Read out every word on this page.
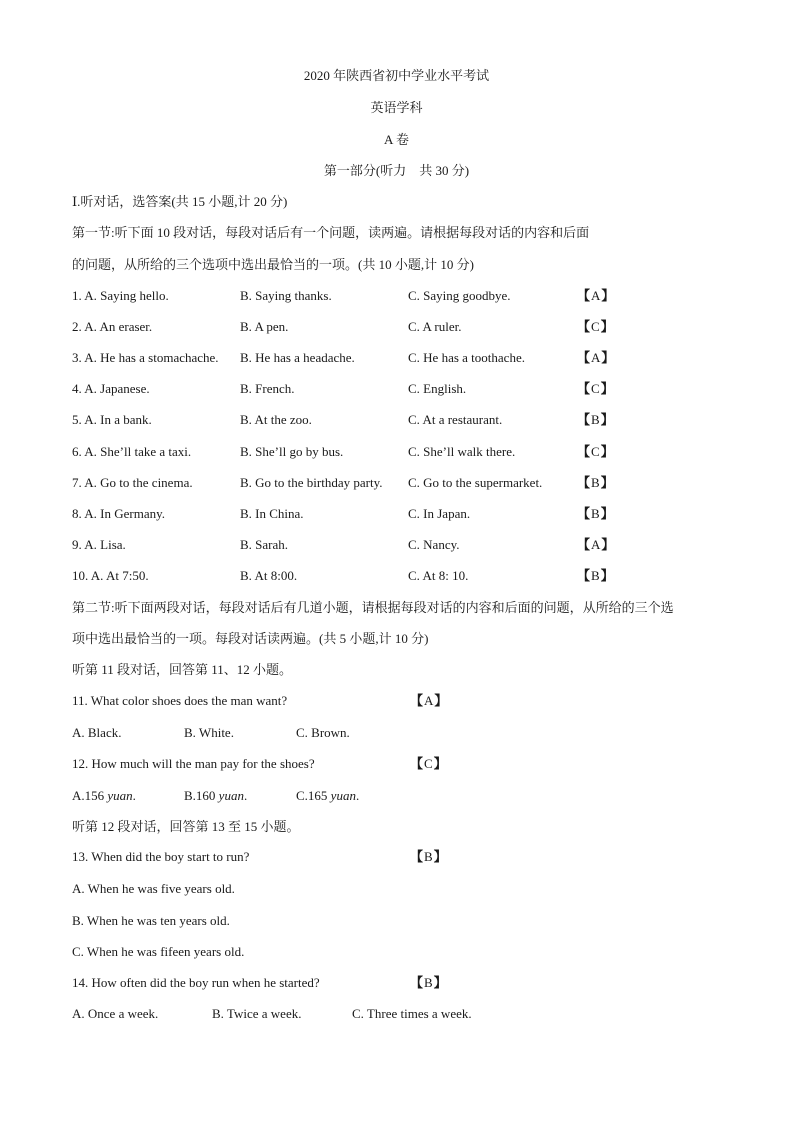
2020 年陕西省初中学业水平考试
英语学科
A 卷
第一部分(听力　共 30 分)
Ⅰ.听对话，选答案(共 15 小题,计 20 分)
第一节:听下面 10 段对话，每段对话后有一个问题，读两遍。请根据每段对话的内容和后面
的问题，从所给的三个选项中选出最恰当的一项。(共 10 小题,计 10 分)
1. A. Saying hello.	B. Saying thanks.	C. Saying goodbye.	【A】
2. A. An eraser.	B. A pen.	C. A ruler.	【C】
3. A. He has a stomachache. B. He has a headache.	C. He has a toothache.	【A】
4. A. Japanese.	B. French.	C. English.	【C】
5. A. In a bank.	B. At the zoo.	C. At a restaurant.	【B】
6. A. She’ll take a taxi.	B. She’ll go by bus.	C. She’ll walk there.	【C】
7. A. Go to the cinema.	B. Go to the birthday party. C. Go to the supermarket.	【B】
8. A. In Germany.	B. In China.	C. In Japan.	【B】
9. A. Lisa.	B. Sarah.	C. Nancy.	【A】
10. A. At 7:50.	B. At 8:00.	C. At 8: 10.	【B】
第二节:听下面两段对话，每段对话后有几道小题，请根据每段对话的内容和后面的问题，从所给的三个选
项中选出最恰当的一项。每段对话读两遍。(共 5 小题,计 10 分)
听第 11 段对话，回答第 11、12 小题。
11. What color shoes does the man want?	【A】
A. Black.	B. White.	C. Brown.
12. How much will the man pay for the shoes?	【C】
A.156 yuan.	B.160 yuan.	C.165 yuan.
听第 12 段对话，回答第 13 至 15 小题。
13. When did the boy start to run?	【B】
A. When he was five years old.
B. When he was ten years old.
C. When he was fifeen years old.
14. How often did the boy run when he started?	【B】
A. Once a week.	B. Twice a week.	C. Three times a week.
